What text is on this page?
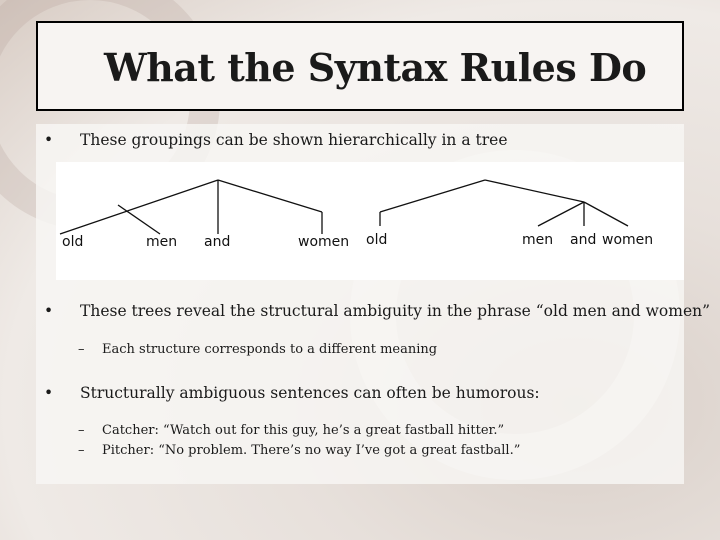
What the Syntax Rules Do
• These groupings can be shown hierarchically in a tree
old	men and	women old	men and women
• These trees reveal the structural ambiguity in the phrase “old men and women”
– Each structure corresponds to a different meaning
• Structurally ambiguous sentences can often be humorous:
– Catcher: “Watch out for this guy, he’s a great fastball hitter.”
– Pitcher: “No problem. There’s no way I’ve got a great fastball.”
